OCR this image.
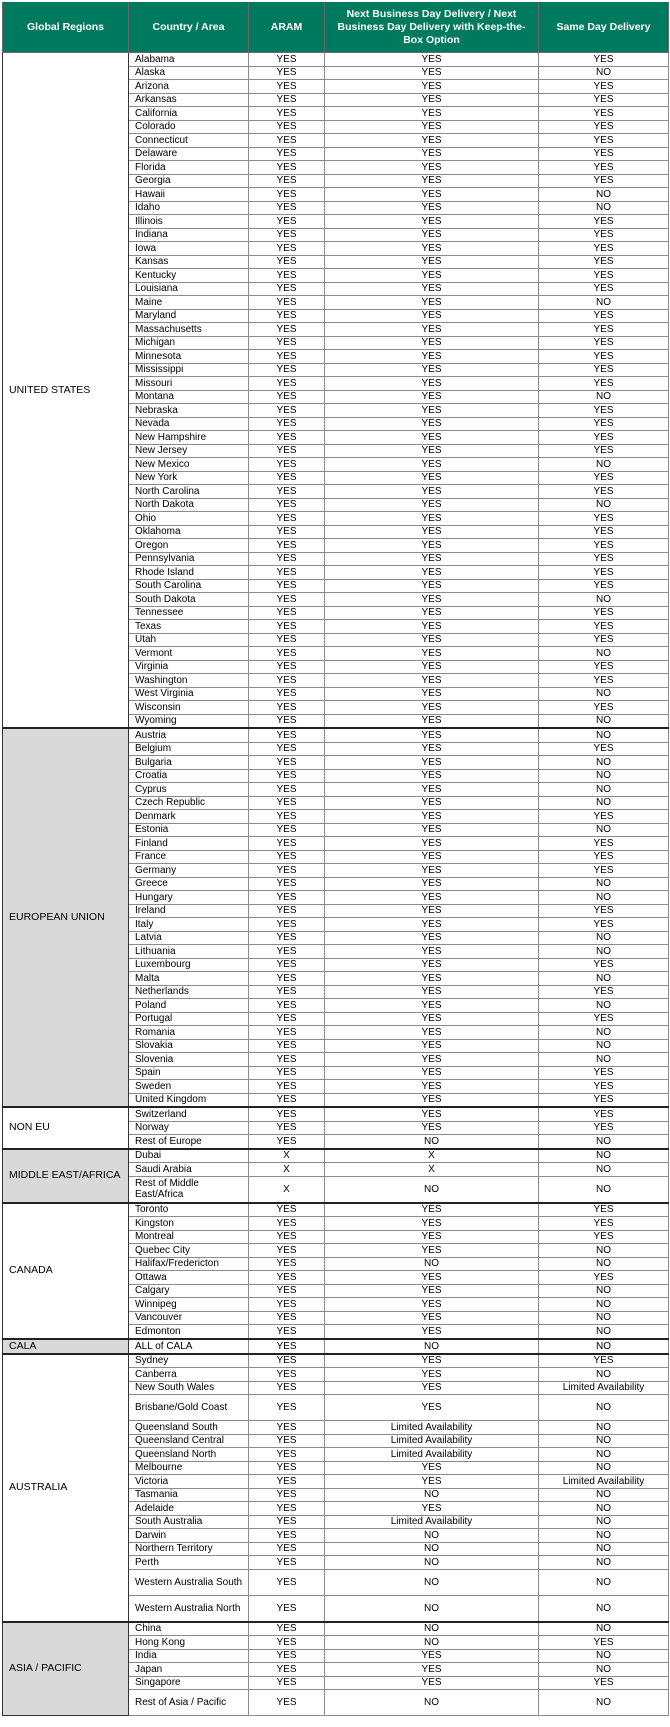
Global Regions	Country / Area	ARAM	Next Business Day Delivery / Next Business Day Delivery with Keep-the-Box Option	Same Day Delivery
UNITED STATES	Alabama	YES	YES	YES
	Alaska	YES	YES	NO
	Arizona	YES	YES	YES
	Arkansas	YES	YES	YES
	California	YES	YES	YES
	Colorado	YES	YES	YES
	Connecticut	YES	YES	YES
	Delaware	YES	YES	YES
	Florida	YES	YES	YES
	Georgia	YES	YES	YES
	Hawaii	YES	YES	NO
	Idaho	YES	YES	NO
	Illinois	YES	YES	YES
	Indiana	YES	YES	YES
	Iowa	YES	YES	YES
	Kansas	YES	YES	YES
	Kentucky	YES	YES	YES
	Louisiana	YES	YES	YES
	Maine	YES	YES	NO
	Maryland	YES	YES	YES
	Massachusetts	YES	YES	YES
	Michigan	YES	YES	YES
	Minnesota	YES	YES	YES
	Mississippi	YES	YES	YES
	Missouri	YES	YES	YES
	Montana	YES	YES	NO
	Nebraska	YES	YES	YES
	Nevada	YES	YES	YES
	New Hampshire	YES	YES	YES
	New Jersey	YES	YES	YES
	New Mexico	YES	YES	NO
	New York	YES	YES	YES
	North Carolina	YES	YES	YES
	North Dakota	YES	YES	NO
	Ohio	YES	YES	YES
	Oklahoma	YES	YES	YES
	Oregon	YES	YES	YES
	Pennsylvania	YES	YES	YES
	Rhode Island	YES	YES	YES
	South Carolina	YES	YES	YES
	South Dakota	YES	YES	NO
	Tennessee	YES	YES	YES
	Texas	YES	YES	YES
	Utah	YES	YES	YES
	Vermont	YES	YES	NO
	Virginia	YES	YES	YES
	Washington	YES	YES	YES
	West Virginia	YES	YES	NO
	Wisconsin	YES	YES	YES
	Wyoming	YES	YES	NO
EUROPEAN UNION	Austria	YES	YES	NO
	Belgium	YES	YES	YES
	Bulgaria	YES	YES	NO
	Croatia	YES	YES	NO
	Cyprus	YES	YES	NO
	Czech Republic	YES	YES	NO
	Denmark	YES	YES	YES
	Estonia	YES	YES	NO
	Finland	YES	YES	YES
	France	YES	YES	YES
	Germany	YES	YES	YES
	Greece	YES	YES	NO
	Hungary	YES	YES	NO
	Ireland	YES	YES	YES
	Italy	YES	YES	YES
	Latvia	YES	YES	NO
	Lithuania	YES	YES	NO
	Luxembourg	YES	YES	YES
	Malta	YES	YES	NO
	Netherlands	YES	YES	YES
	Poland	YES	YES	NO
	Portugal	YES	YES	YES
	Romania	YES	YES	NO
	Slovakia	YES	YES	NO
	Slovenia	YES	YES	NO
	Spain	YES	YES	YES
	Sweden	YES	YES	YES
	United Kingdom	YES	YES	YES
NON EU	Switzerland	YES	YES	YES
	Norway	YES	YES	YES
	Rest of Europe	YES	NO	NO
MIDDLE EAST/AFRICA	Dubai	X	X	NO
	Saudi Arabia	X	X	NO
	Rest of Middle East/Africa	X	NO	NO
CANADA	Toronto	YES	YES	YES
	Kingston	YES	YES	YES
	Montreal	YES	YES	YES
	Quebec City	YES	YES	NO
	Halifax/Fredericton	YES	NO	NO
	Ottawa	YES	YES	YES
	Calgary	YES	YES	NO
	Winnipeg	YES	YES	NO
	Vancouver	YES	YES	NO
	Edmonton	YES	YES	NO
CALA	ALL of CALA	YES	NO	NO
AUSTRALIA	Sydney	YES	YES	YES
	Canberra	YES	YES	NO
	New South Wales	YES	YES	Limited Availability
	Brisbane/Gold Coast	YES	YES	NO
	Queensland South	YES	Limited Availability	NO
	Queensland Central	YES	Limited Availability	NO
	Queensland North	YES	Limited Availability	NO
	Melbourne	YES	YES	NO
	Victoria	YES	YES	Limited Availability
	Tasmania	YES	NO	NO
	Adelaide	YES	YES	NO
	South Australia	YES	Limited Availability	NO
	Darwin	YES	NO	NO
	Northern Territory	YES	NO	NO
	Perth	YES	NO	NO
	Western Australia South	YES	NO	NO
	Western Australia North	YES	NO	NO
ASIA / PACIFIC	China	YES	NO	NO
	Hong Kong	YES	NO	YES
	India	YES	YES	NO
	Japan	YES	YES	NO
	Singapore	YES	YES	YES
	Rest of Asia / Pacific	YES	NO	NO
